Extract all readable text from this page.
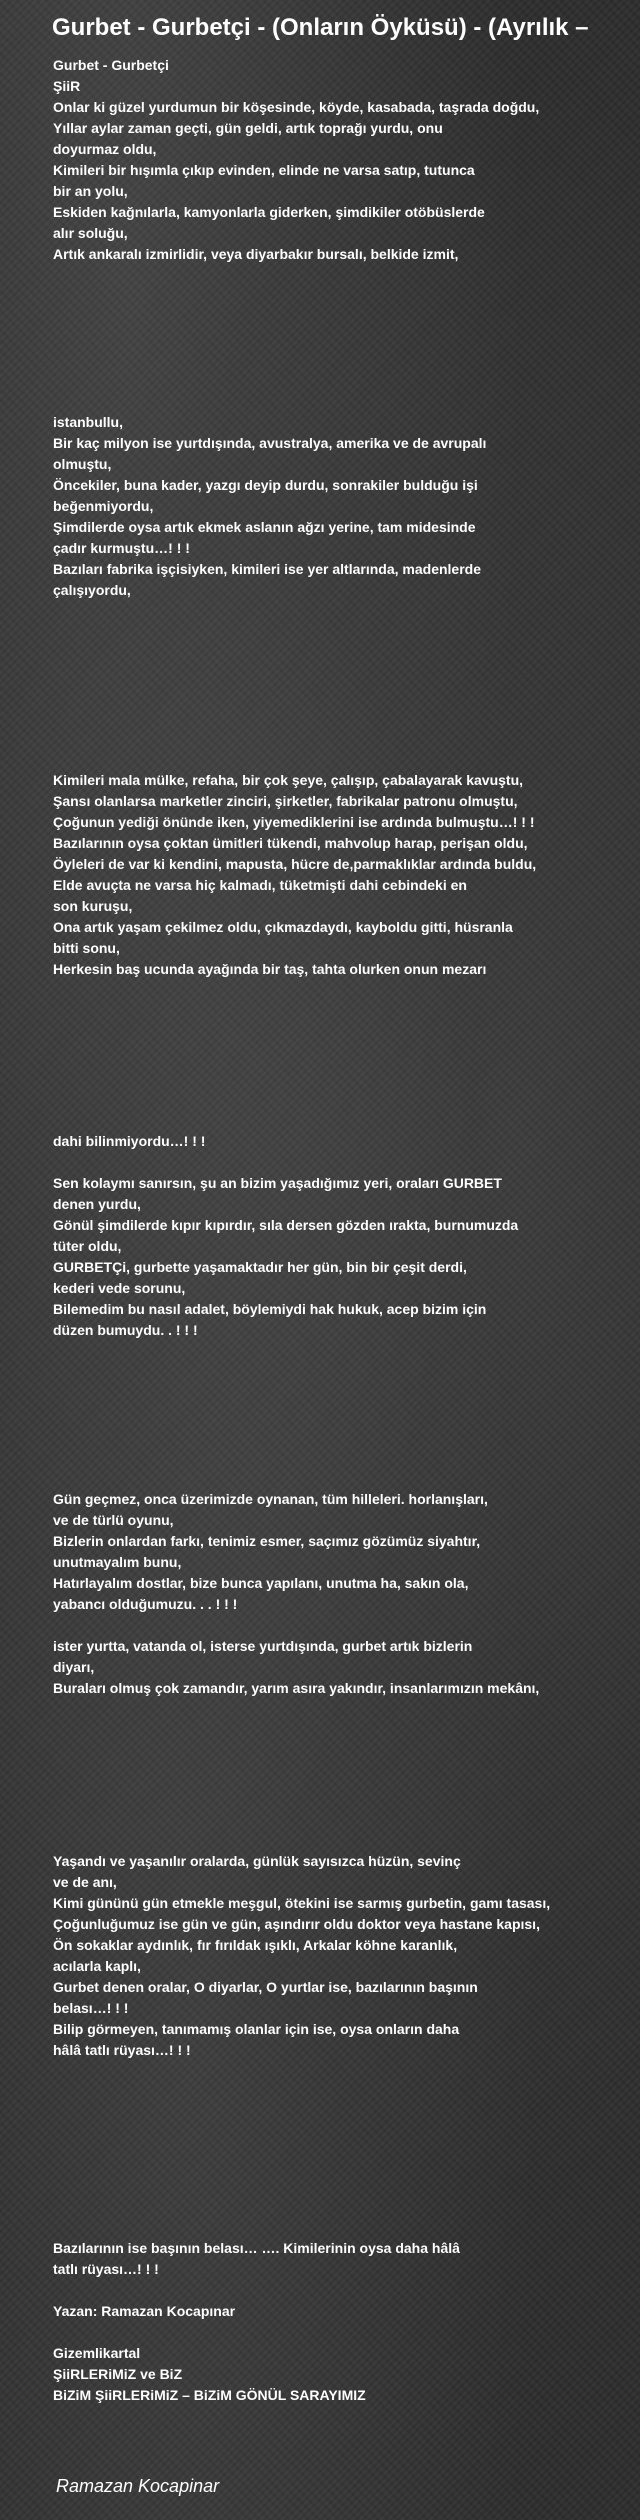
Gurbet - Gurbetçi - (Onların Öyküsü) - (Ayrılık –
Gurbet - Gurbetçi
ŞiiR
Onlar ki güzel yurdumun bir köşesinde, köyde, kasabada, taşrada doğdu,
Yıllar aylar zaman geçti, gün geldi, artık toprağı yurdu, onu
doyurmaz oldu,
Kimileri bir hışımla çıkıp evinden, elinde ne varsa satıp, tutunca
bir an yolu,
Eskiden kağnılarla, kamyonlarla giderken, şimdikiler otöbüslerde
alır soluğu,
Artık ankaralı izmirlidir, veya diyarbakır bursalı, belkide izmit,
istanbullu,
Bir kaç milyon ise yurtdışında, avustralya, amerika ve de avrupalı
olmuştu,
Öncekiler, buna kader, yazgı deyip durdu, sonrakiler bulduğu işi
beğenmiyordu,
Şimdilerde oysa artık ekmek aslanın ağzı yerine, tam midesinde
çadır kurmuştu…! ! !
Bazıları fabrika işçisiyken, kimileri ise yer altlarında, madenlerde
çalışıyordu,
Kimileri mala mülke, refaha, bir çok şeye, çalışıp, çabalayarak kavuştu,
Şansı olanlarsa marketler zinciri, şirketler, fabrikalar patronu olmuştu,
Çoğunun yediği önünde iken, yiyemediklerini ise ardında bulmuştu…! ! !
Bazılarının oysa çoktan ümitleri tükendi, mahvolup harap, perişan oldu,
Öyleleri de var ki kendini, mapusta, hücre de,parmaklıklar ardında buldu,
Elde avuçta ne varsa hiç kalmadı, tüketmişti dahi cebindeki en
son kuruşu,
Ona artık yaşam çekilmez oldu, çıkmazdaydı, kayboldu gitti, hüsranla
bitti sonu,
Herkesin baş ucunda ayağında bir taş, tahta olurken onun mezarı
dahi bilinmiyordu…! ! !
Sen kolaymı sanırsın, şu an bizim yaşadığımız yeri, oraları GURBET
denen yurdu,
Gönül şimdilerde kıpır kıpırdır, sıla dersen gözden ırakta, burnumuzda
tüter oldu,
GURBETÇi, gurbette yaşamaktadır her gün, bin bir çeşit derdi,
kederi vede sorunu,
Bilemedim bu nasıl adalet, böylemiydi hak hukuk, acep bizim için
düzen bumuydu. . ! ! !
Gün geçmez, onca üzerimizde oynanan, tüm hilleleri. horlanışları,
ve de türlü oyunu,
Bizlerin onlardan farkı, tenimiz esmer, saçımız gözümüz siyahtır,
unutmayalım bunu,
Hatırlayalım dostlar, bize bunca yapılanı, unutma ha, sakın ola,
yabancı olduğumuzu. . . ! ! !
ister yurtta, vatanda ol, isterse yurtdışında, gurbet artık bizlerin
diyarı,
Buraları olmuş çok zamandır, yarım asıra yakındır, insanlarımızın mekânı,
Yaşandı ve yaşanılır oralarda, günlük sayısızca hüzün, sevinç
ve de anı,
Kimi gününü gün etmekle meşgul, ötekini ise sarmış gurbetin, gamı tasası,
Çoğunluğumuz ise gün ve gün, aşındırır oldu doktor veya hastane kapısı,
Ön sokaklar aydınlık, fır fırıldak ışıklı, Arkalar köhne karanlık,
acılarla kaplı,
Gurbet denen oralar, O diyarlar, O yurtlar ise, bazılarının başının
belası…! ! !
Bilip görmeyen, tanımamış olanlar için ise, oysa onların daha
hâlâ tatlı rüyası…! ! !
Bazılarının ise başının belası… …. Kimilerinin oysa daha hâlâ
tatlı rüyası…! ! !
Yazan: Ramazan Kocapınar
Gizemlikartal
ŞiiRLERiMiZ ve BiZ
BiZiM ŞiiRLERiMiZ – BiZiM GÖNÜL SARAYIMIZ
Ramazan Kocapinar
